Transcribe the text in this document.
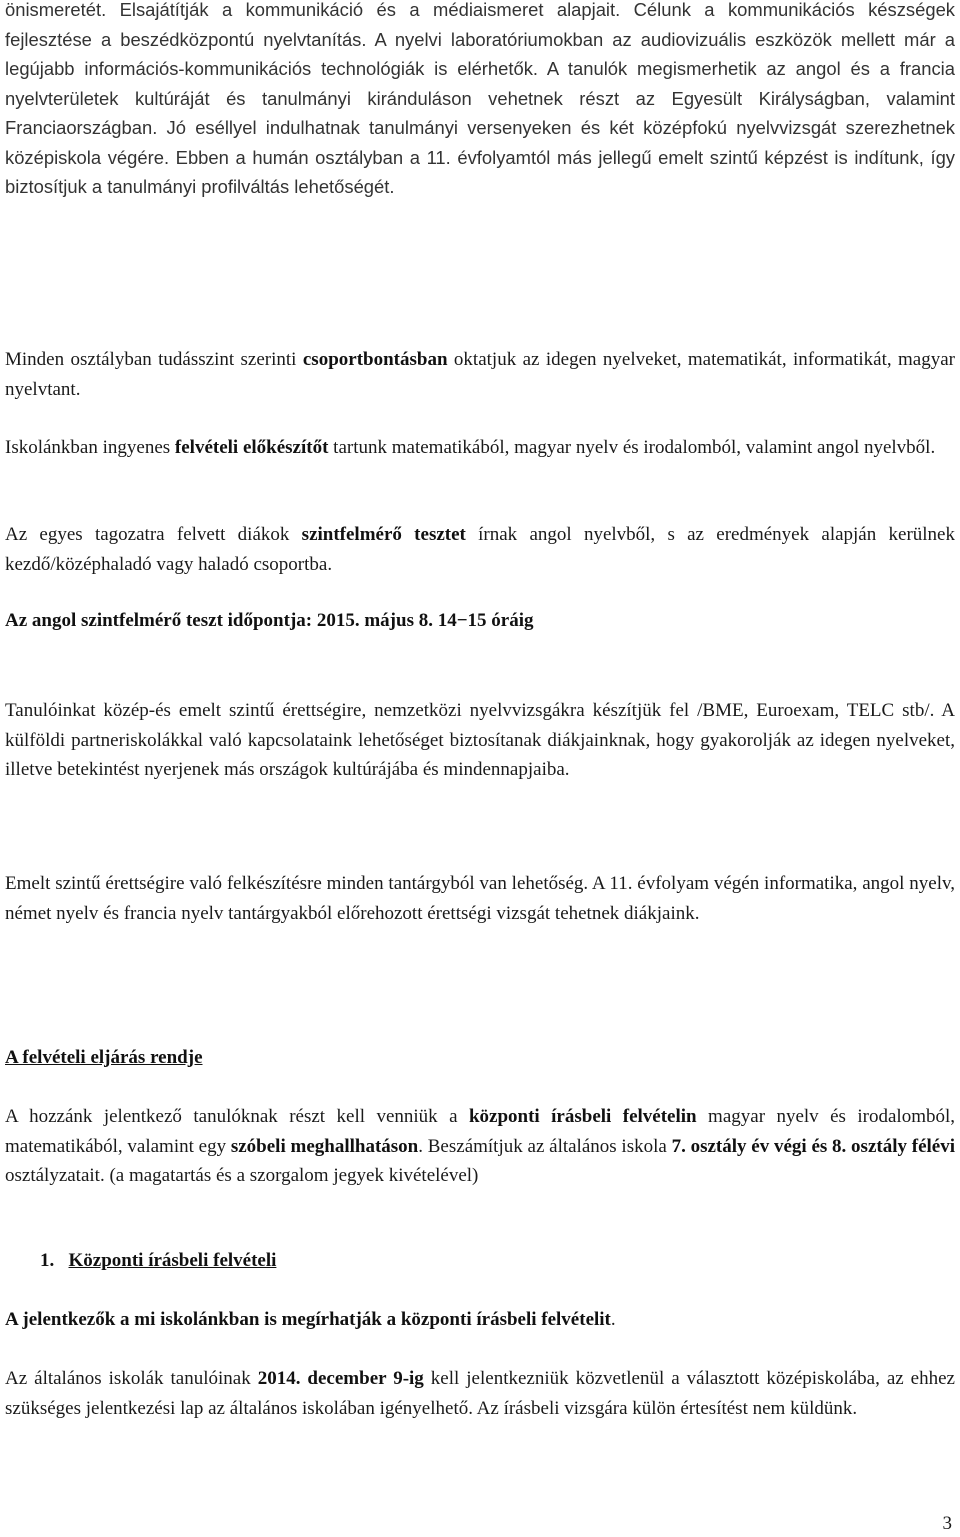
önismeretét. Elsajátítják a kommunikáció és a médiaismeret alapjait. Célunk a kommunikációs készségek fejlesztése a beszédközpontú nyelvtanítás. A nyelvi laboratóriumokban az audiovizuális eszközök mellett már a legújabb információs-kommunikációs technológiák is elérhetők. A tanulók megismerhetik az angol és a francia nyelvterületek kultúráját és tanulmányi kiránduláson vehetnek részt az Egyesült Királyságban, valamint Franciaországban. Jó eséllyel indulhatnak tanulmányi versenyeken és két középfokú nyelvvizsgát szerezhetnek középiskola végére. Ebben a humán osztályban a 11. évfolyamtól más jellegű emelt szintű képzést is indítunk, így biztosítjuk a tanulmányi profilváltás lehetőségét.

Minden osztályban tudásszint szerinti csoportbontásban oktatjuk az idegen nyelveket, matematikát, informatikát, magyar nyelvtant.

Iskolánkban ingyenes felvételi előkészítőt tartunk matematikából, magyar nyelv és irodalomból, valamint angol nyelvből.

Az egyes tagozatra felvett diákok szintfelmérő tesztet írnak angol nyelvből, s az eredmények alapján kerülnek kezdő/középhaladó vagy haladó csoportba.

Az angol szintfelmérő teszt időpontja: 2015. május 8. 14−15 óráig

Tanulóinkat közép-és emelt szintű érettségire, nemzetközi nyelvvizsgákra készítjük fel /BME, Euroexam, TELC stb/. A külföldi partneriskolákkal való kapcsolataink lehetőséget biztosítanak diákjainknak, hogy gyakorolják az idegen nyelveket, illetve betekintést nyerjenek más országok kultúrájába és mindennapjaiba.

Emelt szintű érettségire való felkészítésre minden tantárgyból van lehetőség. A 11. évfolyam végén informatika, angol nyelv, német nyelv és francia nyelv tantárgyakból előrehozott érettségi vizsgát tehetnek diákjaink.

A felvételi eljárás rendje

A hozzánk jelentkező tanulóknak részt kell venniük a központi írásbeli felvételin magyar nyelv és irodalomból, matematikából, valamint egy szóbeli meghallhatáson. Beszámítjuk az általános iskola 7. osztály év végi és 8. osztály félévi osztályzatait. (a magatartás és a szorgalom jegyek kivételével)

1. Központi írásbeli felvételi

A jelentkezők a mi iskolánkban is megírhatják a központi írásbeli felvételit.

Az általános iskolák tanulóinak 2014. december 9-ig kell jelentkezniük közvetlenül a választott középiskolába, az ehhez szükséges jelentkezési lap az általános iskolában igényelhető. Az írásbeli vizsgára külön értesítést nem küldünk.

3
